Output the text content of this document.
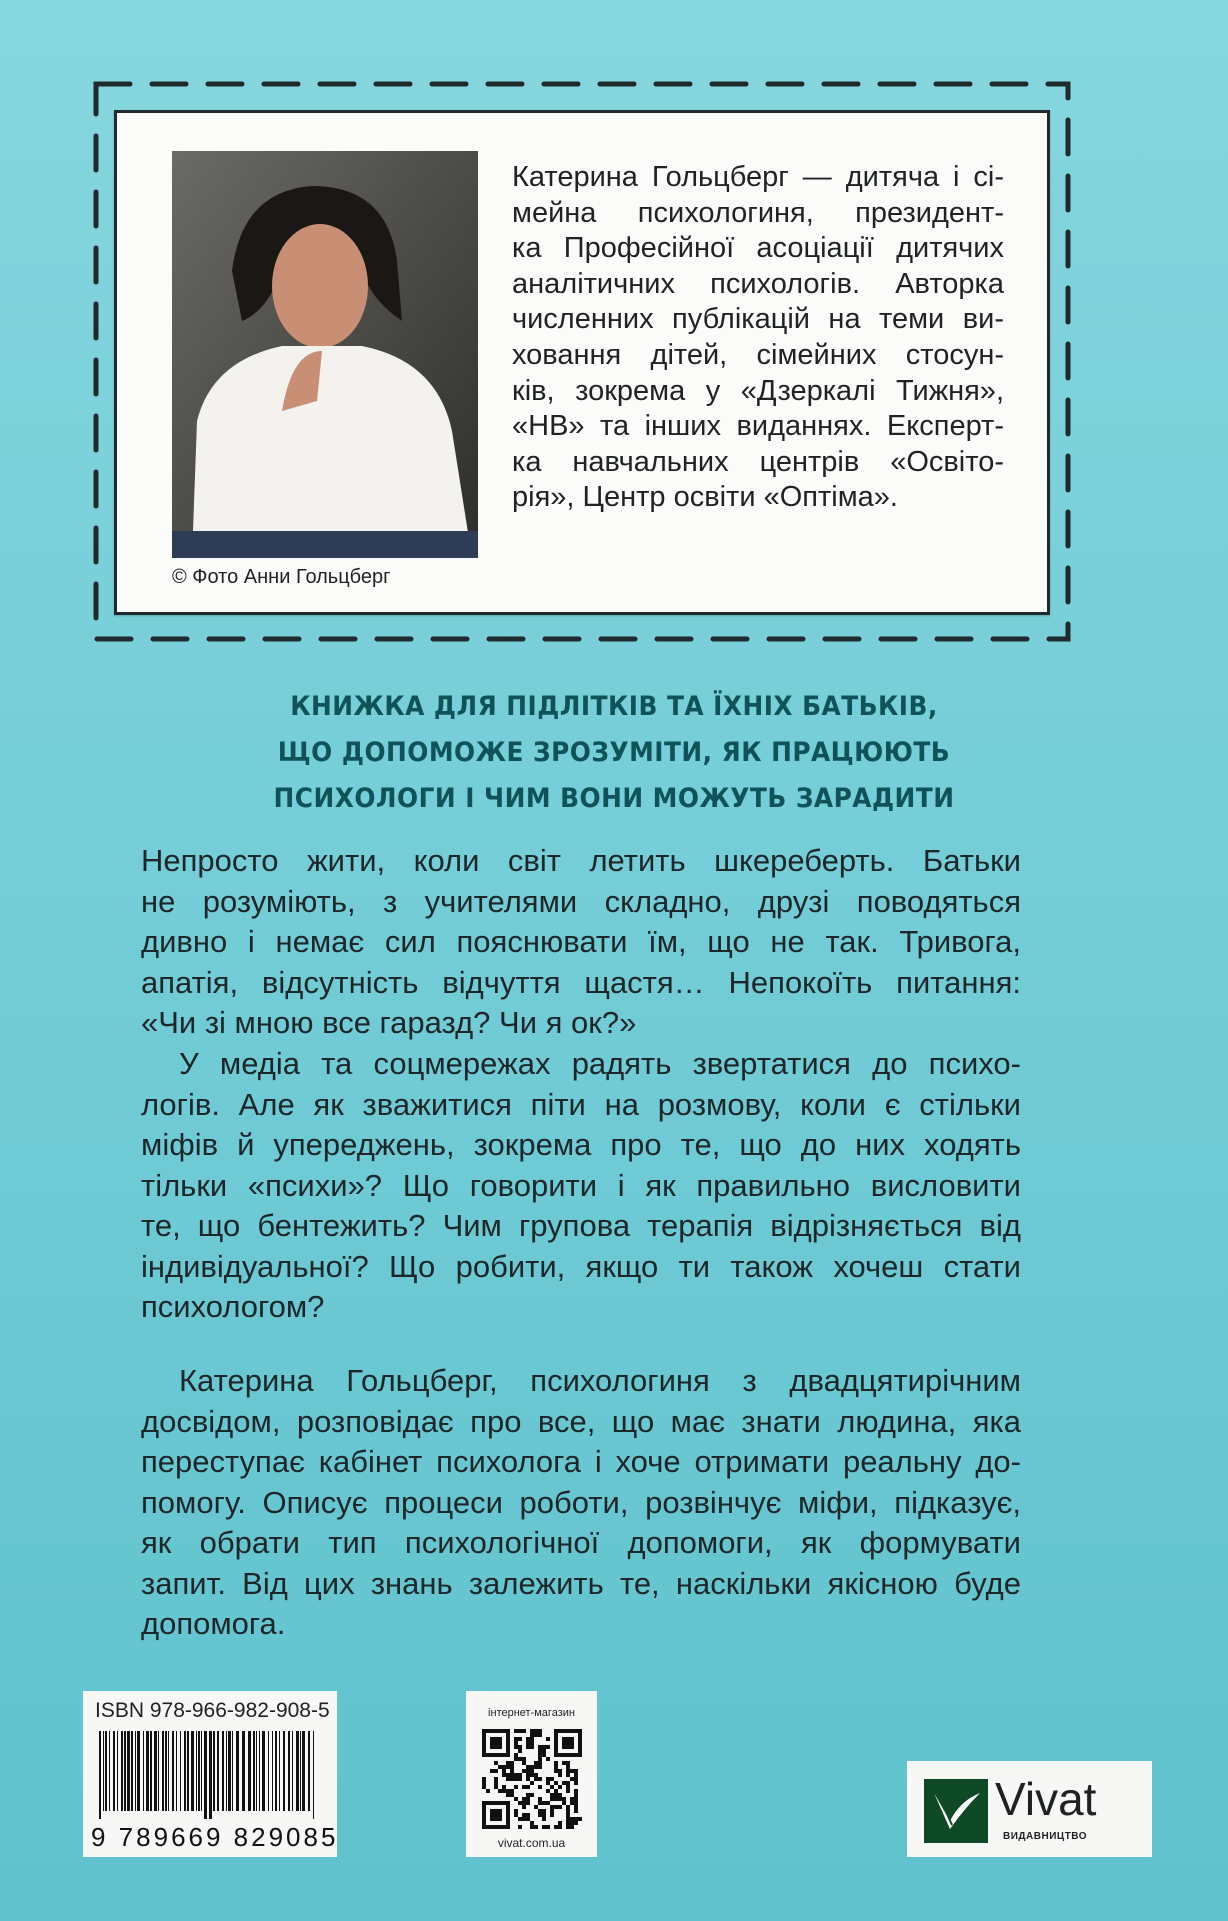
© Фото Анни Гольцберг
Катерина Гольцберг — дитяча і сі-
мейна психологиня, президент-
ка Професійної асоціації дитячих
аналітичних психологів. Авторка
численних публікацій на теми ви-
ховання дітей, сімейних стосун-
ків, зокрема у «Дзеркалі Тижня»,
«НВ» та інших виданнях. Експерт-
ка навчальних центрів «Освіто-
рія», Центр освіти «Оптіма».
КНИЖКА ДЛЯ ПІДЛІТКІВ ТА ЇХНІХ БАТЬКІВ,
ЩО ДОПОМОЖЕ ЗРОЗУМІТИ, ЯК ПРАЦЮЮТЬ
ПСИХОЛОГИ І ЧИМ ВОНИ МОЖУТЬ ЗАРАДИТИ
Непросто жити, коли світ летить шкереберть. Батьки
не розуміють, з учителями складно, друзі поводяться
дивно і немає сил пояснювати їм, що не так. Тривога,
апатія, відсутність відчуття щастя… Непокоїть питання:
«Чи зі мною все гаразд? Чи я ок?»
У медіа та соцмережах радять звертатися до психо-
логів. Але як зважитися піти на розмову, коли є стільки
міфів й упереджень, зокрема про те, що до них ходять
тільки «психи»? Що говорити і як правильно висловити
те, що бентежить? Чим групова терапія відрізняється від
індивідуальної? Що робити, якщо ти також хочеш стати
психологом?
Катерина Гольцберг, психологиня з двадцятирічним
досвідом, розповідає про все, що має знати людина, яка
переступає кабінет психолога і хоче отримати реальну до-
помогу. Описує процеси роботи, розвінчує міфи, підказує,
як обрати тип психологічної допомоги, як формувати
запит. Від цих знань залежить те, наскільки якісною буде
допомога.
ISBN 978-966-982-908-5
9 789669 829085
інтернет-магазин
vivat.com.ua
Vivat
ВИДАВНИЦТВО
